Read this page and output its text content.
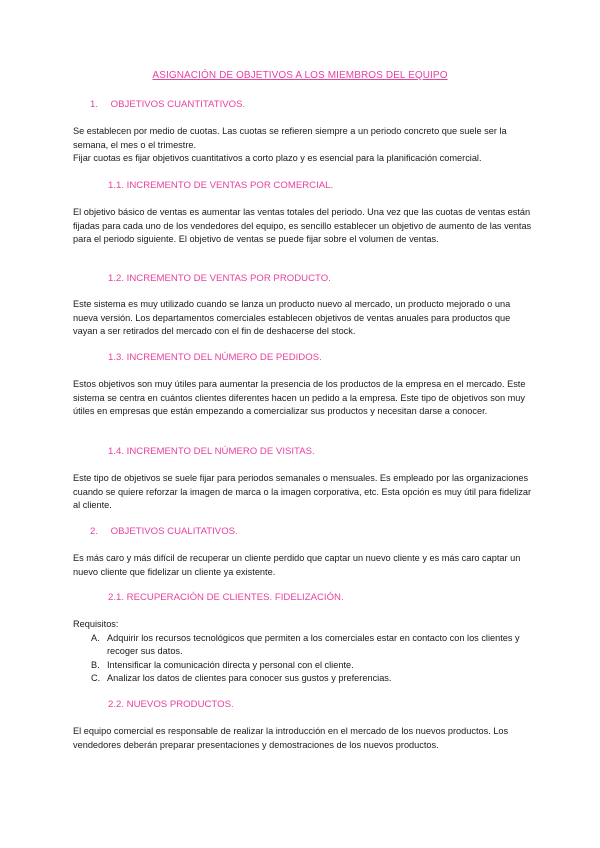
ASIGNACIÓN DE OBJETIVOS A LOS MIEMBROS DEL EQUIPO
1. OBJETIVOS CUANTITATIVOS.
Se establecen por medio de cuotas. Las cuotas se refieren siempre a un periodo concreto que suele ser la semana, el mes o el trimestre.
Fijar cuotas es fijar objetivos cuantitativos a corto plazo y es esencial para la planificación comercial.
1.1. INCREMENTO DE VENTAS POR COMERCIAL.
El objetivo básico de ventas es aumentar las ventas totales del periodo. Una vez que las cuotas de ventas están fijadas para cada uno de los vendedores del equipo, es sencillo establecer un objetivo de aumento de las ventas para el periodo siguiente. El objetivo de ventas se puede fijar sobre el volumen de ventas.
1.2. INCREMENTO DE VENTAS POR PRODUCTO.
Este sistema es muy utilizado cuando se lanza un producto nuevo al mercado, un producto mejorado o una nueva versión. Los departamentos comerciales establecen objetivos de ventas anuales para productos que vayan a ser retirados del mercado con el fin de deshacerse del stock.
1.3. INCREMENTO DEL NÚMERO DE PEDIDOS.
Estos objetivos son muy útiles para aumentar la presencia de los productos de la empresa en el mercado. Este sistema se centra en cuántos clientes diferentes hacen un pedido a la empresa. Este tipo de objetivos son muy útiles en empresas que están empezando a comercializar sus productos y necesitan darse a conocer.
1.4. INCREMENTO DEL NÚMERO DE VISITAS.
Este tipo de objetivos se suele fijar para periodos semanales o mensuales. Es empleado por las organizaciones cuando se quiere reforzar la imagen de marca o la imagen corporativa, etc. Esta opción es muy útil para fidelizar al cliente.
2. OBJETIVOS CUALITATIVOS.
Es más caro y más difícil de recuperar un cliente perdido que captar un nuevo cliente y es más caro captar un nuevo cliente que fidelizar un cliente ya existente.
2.1. RECUPERACIÓN DE CLIENTES. FIDELIZACIÓN.
Requisitos:
A. Adquirir los recursos tecnológicos que permiten a los comerciales estar en contacto con los clientes y recoger sus datos.
B. Intensificar la comunicación directa y personal con el cliente.
C. Analizar los datos de clientes para conocer sus gustos y preferencias.
2.2. NUEVOS PRODUCTOS.
El equipo comercial es responsable de realizar la introducción en el mercado de los nuevos productos. Los vendedores deberán preparar presentaciones y demostraciones de los nuevos productos.
